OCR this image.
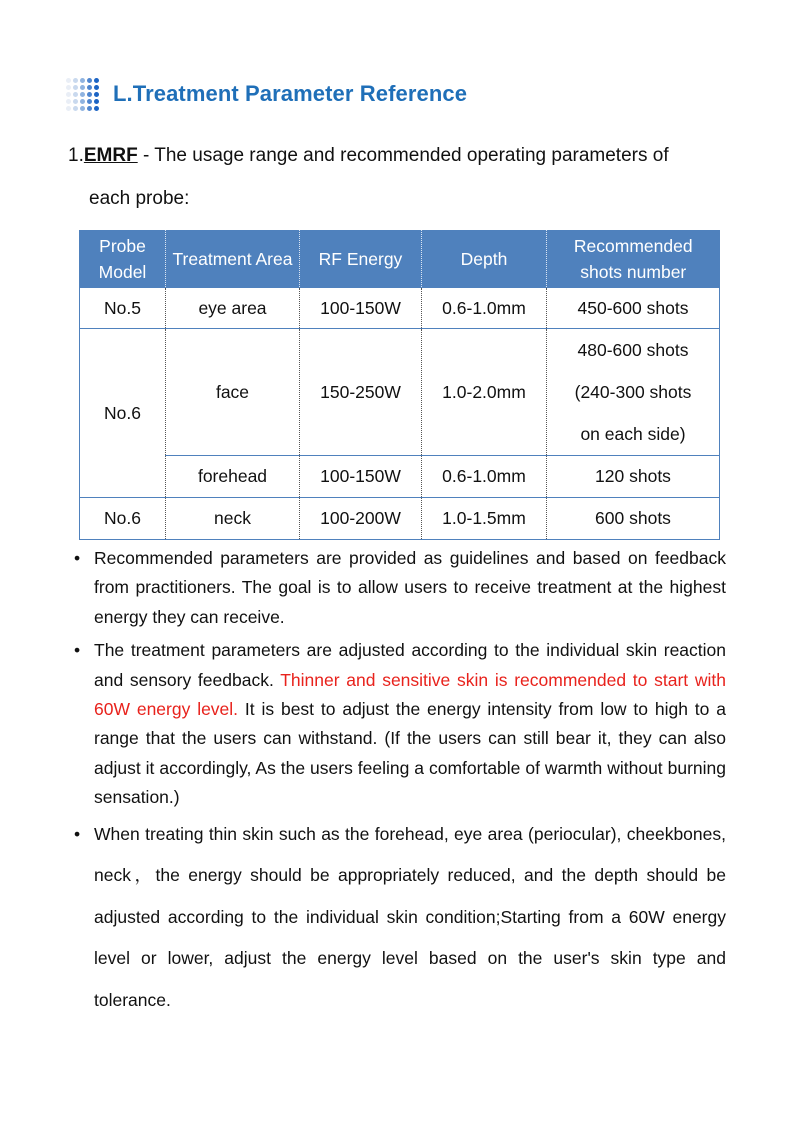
L.Treatment Parameter Reference
1.EMRF - The usage range and recommended operating parameters of
each probe:
Probe Model	Treatment Area	RF Energy	Depth	Recommended shots number
No.5	eye area	100-150W	0.6-1.0mm	450-600 shots
No.6	face	150-250W	1.0-2.0mm	480-600 shots
(240-300 shots
on each side)

	forehead	100-150W	0.6-1.0mm	120 shots
No.6	neck	100-200W	1.0-1.5mm	600 shots
• Recommended parameters are provided as guidelines and based on feedback from practitioners. The goal is to allow users to receive treatment at the highest energy they can receive.
• The treatment parameters are adjusted according to the individual skin reaction and sensory feedback. Thinner and sensitive skin is recommended to start with 60W energy level. It is best to adjust the energy intensity from low to high to a range that the users can withstand. (If the users can still bear it, they can also adjust it accordingly, As the users feeling a comfortable of warmth without burning sensation.)
• When treating thin skin such as the forehead, eye area (periocular), cheekbones, neck，the energy should be appropriately reduced, and the depth should be adjusted according to the individual skin condition;Starting from a 60W energy level or lower, adjust the energy level based on the user's skin type and tolerance.
